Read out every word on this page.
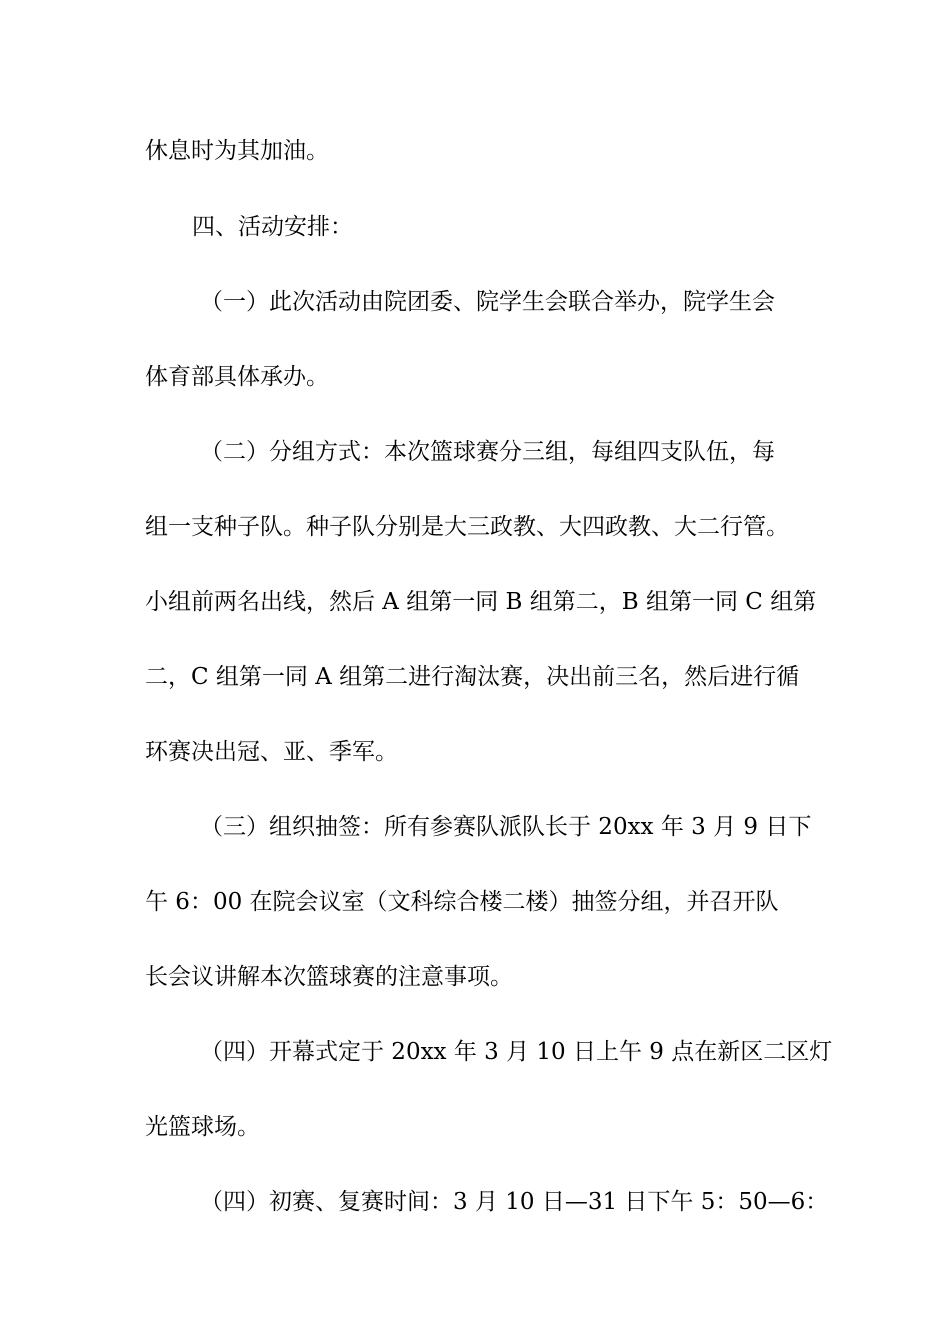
休息时为其加油。
四、活动安排：
（一）此次活动由院团委、院学生会联合举办，院学生会
体育部具体承办。
（二）分组方式：本次篮球赛分三组，每组四支队伍，每
组一支种子队。种子队分别是大三政教、大四政教、大二行管。
小组前两名出线，然后 A 组第一同 B 组第二，B 组第一同 C 组第
二，C 组第一同 A 组第二进行淘汰赛，决出前三名，然后进行循
环赛决出冠、亚、季军。
（三）组织抽签：所有参赛队派队长于 20xx 年 3 月 9 日下
午 6：00 在院会议室（文科综合楼二楼）抽签分组，并召开队
长会议讲解本次篮球赛的注意事项。
（四）开幕式定于 20xx 年 3 月 10 日上午 9 点在新区二区灯
光篮球场。
（四）初赛、复赛时间：3 月 10 日—31 日下午 5：50—6：
